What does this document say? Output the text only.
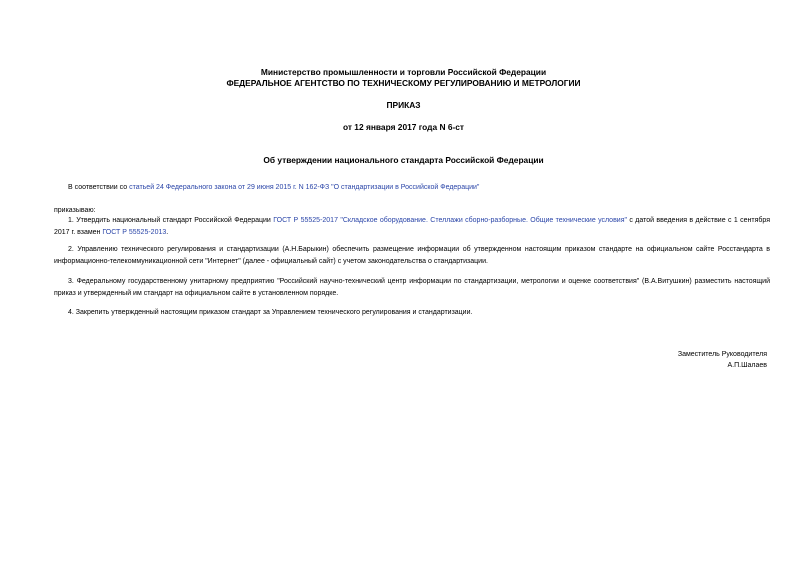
Министерство промышленности и торговли Российской Федерации
ФЕДЕРАЛЬНОЕ АГЕНТСТВО ПО ТЕХНИЧЕСКОМУ РЕГУЛИРОВАНИЮ И МЕТРОЛОГИИ
ПРИКАЗ
от 12 января 2017 года N 6-ст
Об утверждении национального стандарта Российской Федерации
В соответствии со статьей 24 Федерального закона от 29 июня 2015 г. N 162-ФЗ "О стандартизации в Российской Федерации"
приказываю:
1. Утвердить национальный стандарт Российской Федерации ГОСТ Р 55525-2017 "Складское оборудование. Стеллажи сборно-разборные. Общие технические условия" с датой введения в действие с 1 сентября 2017 г. взамен ГОСТ Р 55525-2013.
2. Управлению технического регулирования и стандартизации (А.Н.Барыкин) обеспечить размещение информации об утвержденном настоящим приказом стандарте на официальном сайте Росстандарта в информационно-телекоммуникационной сети "Интернет" (далее - официальный сайт) с учетом законодательства о стандартизации.
3. Федеральному государственному унитарному предприятию "Российский научно-технический центр информации по стандартизации, метрологии и оценке соответствия" (В.А.Витушкин) разместить настоящий приказ и утвержденный им стандарт на официальном сайте в установленном порядке.
4. Закрепить утвержденный настоящим приказом стандарт за Управлением технического регулирования и стандартизации.
Заместитель Руководителя
А.П.Шалаев
